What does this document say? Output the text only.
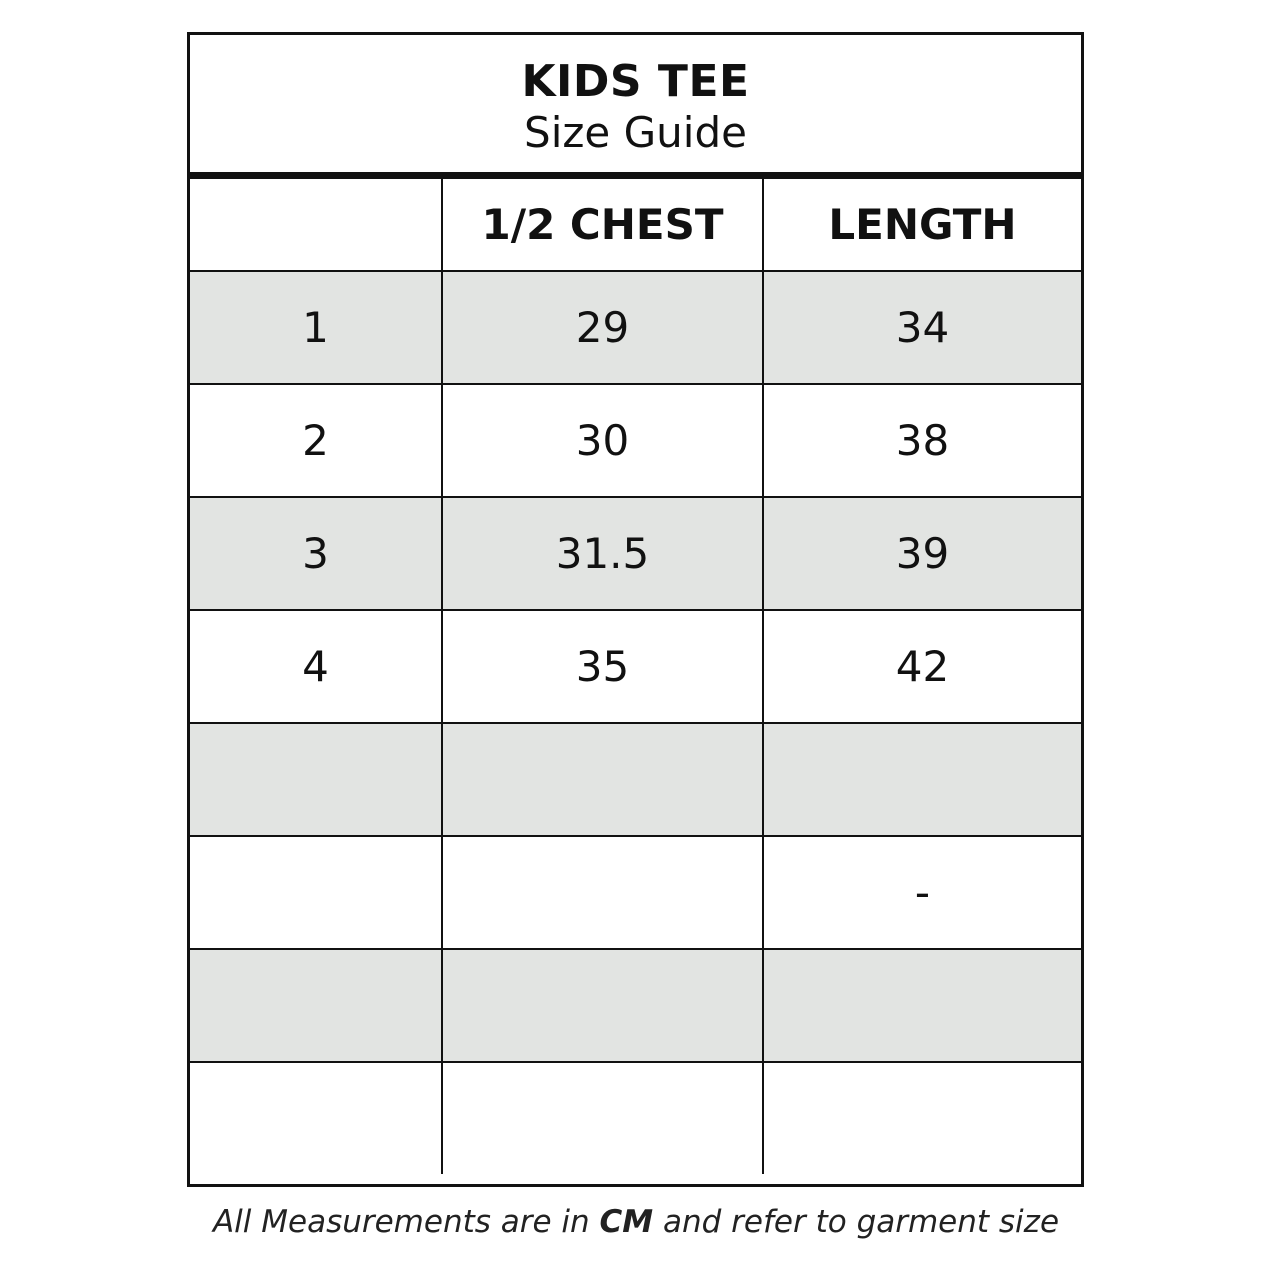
KIDS TEE
Size Guide
	1/2 CHEST	LENGTH
1	29	34
2	30	38
3	31.5	39
4	35	42

		-

All Measurements are in CM and refer to garment size
